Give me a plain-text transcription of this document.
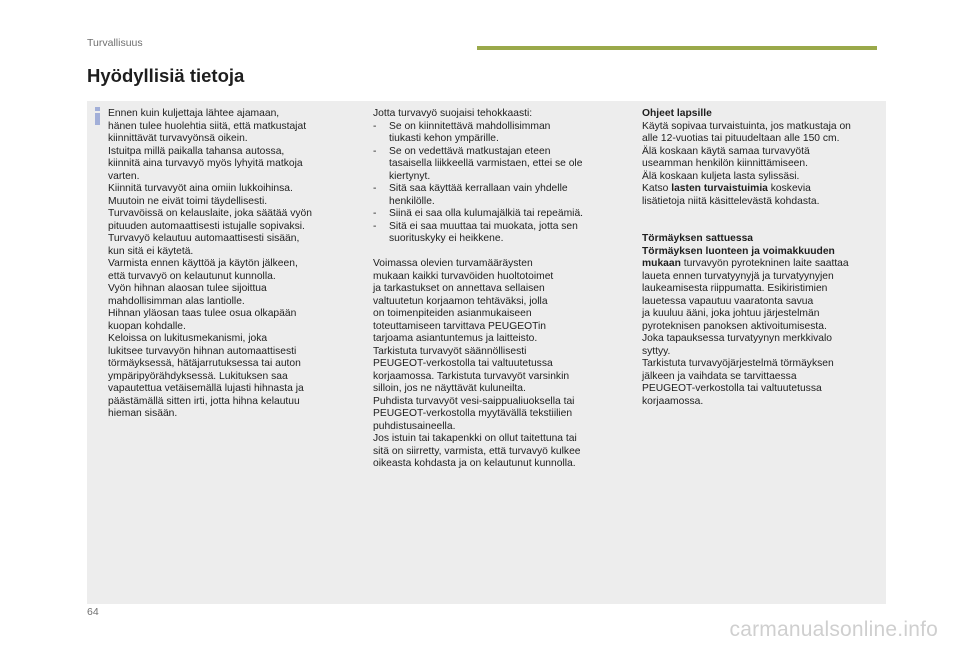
Turvallisuus
Hyödyllisiä tietoja

Ennen kuin kuljettaja lähtee ajamaan,

hänen tulee huolehtia siitä, että matkustajat

kiinnittävät turvavyönsä oikein.

Istuitpa millä paikalla tahansa autossa,

kiinnitä aina turvavyö myös lyhyitä matkoja

varten.

Kiinnitä turvavyöt aina omiin lukkoihinsa.

Muutoin ne eivät toimi täydellisesti.

Turvavöissä on kelauslaite, joka säätää vyön

pituuden automaattisesti istujalle sopivaksi.

Turvavyö kelautuu automaattisesti sisään,

kun sitä ei käytetä.

Varmista ennen käyttöä ja käytön jälkeen,

että turvavyö on kelautunut kunnolla.

Vyön hihnan alaosan tulee sijoittua

mahdollisimman alas lantiolle.

Hihnan yläosan taas tulee osua olkapään

kuopan kohdalle.

Keloissa on lukitusmekanismi, joka

lukitsee turvavyön hihnan automaattisesti

törmäyksessä, hätäjarrutuksessa tai auton

ympäripyörähdyksessä. Lukituksen saa

vapautettua vetäisemällä lujasti hihnasta ja

päästämällä sitten irti, jotta hihna kelautuu

hieman sisään.

Jotta turvavyö suojaisi tehokkaasti:

-	Se on kiinnitettävä mahdollisimman
tiukasti kehon ympärille.
-	Se on vedettävä matkustajan eteen
tasaisella liikkeellä varmistaen, ettei se ole
kiertynyt.
-	Sitä saa käyttää kerrallaan vain yhdelle
henkilölle.
-	Siinä ei saa olla kulumajälkiä tai repeämiä.
-	Sitä ei saa muuttaa tai muokata, jotta sen
suorituskyky ei heikkene.

Voimassa olevien turvamääräysten

mukaan kaikki turvavöiden huoltotoimet

ja tarkastukset on annettava sellaisen

valtuutetun korjaamon tehtäväksi, jolla

on toimenpiteiden asianmukaiseen

toteuttamiseen tarvittava PEUGEOTin

tarjoama asiantuntemus ja laitteisto.

Tarkistuta turvavyöt säännöllisesti

PEUGEOT-verkostolla tai valtuutetussa

korjaamossa. Tarkistuta turvavyöt varsinkin

silloin, jos ne näyttävät kuluneilta.

Puhdista turvavyöt vesi-saippualiuoksella tai

PEUGEOT-verkostolla myytävällä tekstiilien

puhdistusaineella.

Jos istuin tai takapenkki on ollut taitettuna tai

sitä on siirretty, varmista, että turvavyö kulkee

oikeasta kohdasta ja on kelautunut kunnolla.

Ohjeet lapsille

Käytä sopivaa turvaistuinta, jos matkustaja on

alle 12-vuotias tai pituudeltaan alle 150 cm.

Älä koskaan käytä samaa turvavyötä

useamman henkilön kiinnittämiseen.

Älä koskaan kuljeta lasta sylissäsi.

Katso lasten turvaistuimia koskevia

lisätietoja niitä käsittelevästä kohdasta.

Törmäyksen sattuessa

Törmäyksen luonteen ja voimakkuuden

mukaan turvavyön pyrotekninen laite saattaa

laueta ennen turvatyynyjä ja turvatyynyjen

laukeamisesta riippumatta. Esikiristimien

lauetessa vapautuu vaaratonta savua

ja kuuluu ääni, joka johtuu järjestelmän

pyroteknisen panoksen aktivoitumisesta.

Joka tapauksessa turvatyynyn merkkivalo

syttyy.

Tarkistuta turvavyöjärjestelmä törmäyksen

jälkeen ja vaihdata se tarvittaessa

PEUGEOT-verkostolla tai valtuutetussa

korjaamossa.

64
carmanualsonline.info
